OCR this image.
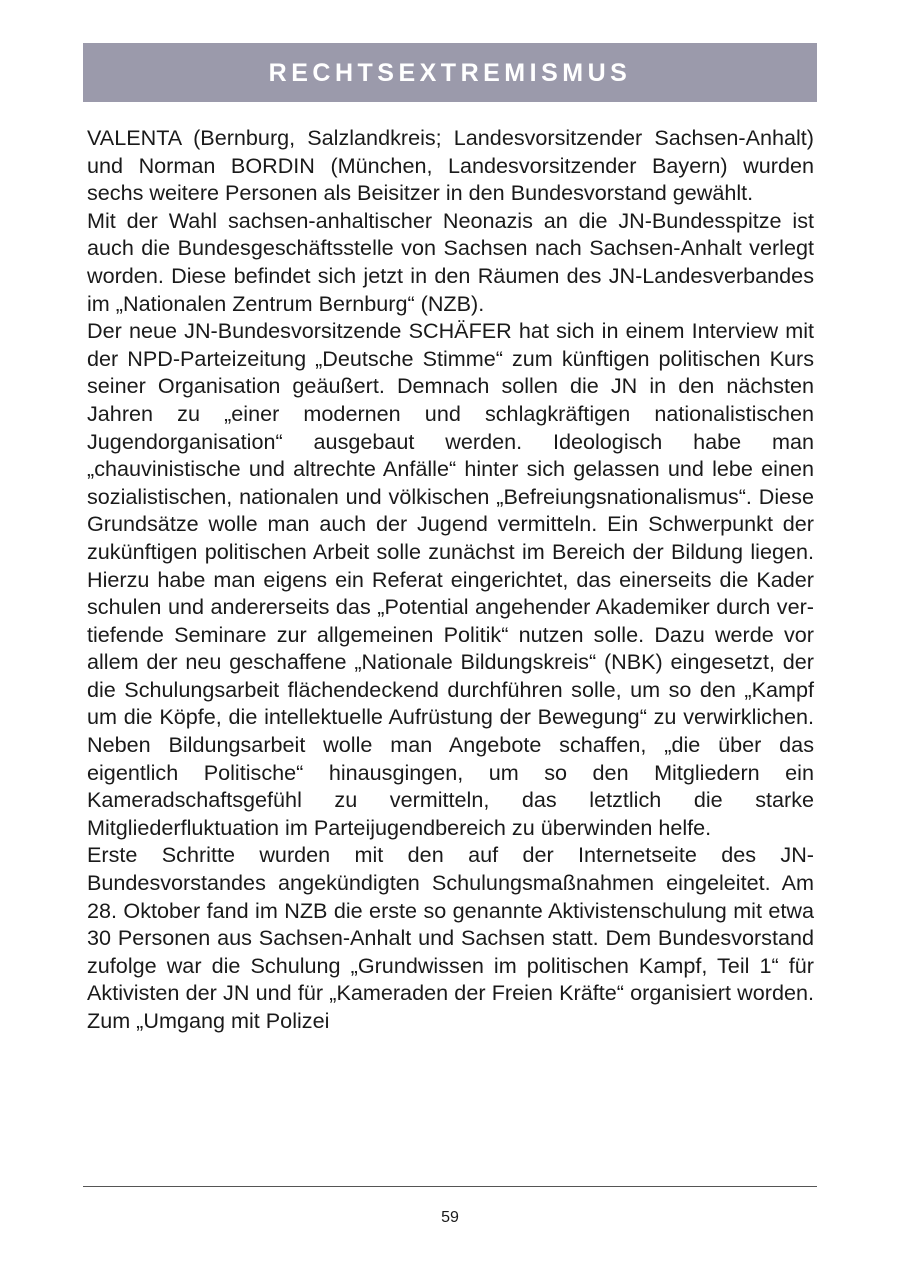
RECHTSEXTREMISMUS

VALENTA (Bernburg, Salzlandkreis; Landesvorsitzender Sachsen-Anhalt) und Norman BORDIN (München, Landesvorsitzender Bayern) wurden sechs weitere Personen als Beisitzer in den Bundesvorstand gewählt.

Mit der Wahl sachsen-anhaltischer Neonazis an die JN-Bundesspitze ist auch die Bundesgeschäftsstelle von Sachsen nach Sachsen-Anhalt verlegt worden. Diese befindet sich jetzt in den Räumen des JN-Landesverbandes im „Nationalen Zentrum Bernburg“ (NZB).

Der neue JN-Bundesvorsitzende SCHÄFER hat sich in einem Interview mit der NPD-Parteizeitung „Deutsche Stimme“ zum künftigen politischen Kurs seiner Organisation geäußert. Demnach sollen die JN in den nächsten Jahren zu „einer modernen und schlagkräftigen nationalistischen Jugendorganisation“ ausgebaut werden. Ideologisch habe man „chauvinistische und altrechte Anfälle“ hinter sich gelassen und lebe einen sozialistischen, nationalen und völkischen „Befreiungsnationalismus“. Diese Grundsätze wolle man auch der Jugend vermitteln. Ein Schwerpunkt der zukünftigen politischen Arbeit solle zunächst im Bereich der Bildung liegen. Hierzu habe man eigens ein Referat eingerichtet, das einerseits die Kader schulen und andererseits das „Potential angehender Akademiker durch vertiefende Seminare zur allgemeinen Politik“ nutzen solle. Dazu werde vor allem der neu geschaffene „Nationale Bildungskreis“ (NBK) eingesetzt, der die Schulungsarbeit flächendeckend durchführen solle, um so den „Kampf um die Köpfe, die intellektuelle Aufrüstung der Bewegung“ zu verwirklichen. Neben Bildungsarbeit wolle man Angebote schaffen, „die über das eigentlich Politische“ hinausgingen, um so den Mitgliedern ein Kameradschaftsgefühl zu vermitteln, das letztlich die starke Mitgliederfluktuation im Parteijugendbereich zu überwinden helfe.

Erste Schritte wurden mit den auf der Internetseite des JN-Bundesvorstandes angekündigten Schulungsmaßnahmen eingeleitet. Am 28. Oktober fand im NZB die erste so genannte Aktivistenschulung mit etwa 30 Personen aus Sachsen-Anhalt und Sachsen statt. Dem Bundesvorstand zufolge war die Schulung „Grundwissen im politischen Kampf, Teil 1“ für Aktivisten der JN und für „Kameraden der Freien Kräfte“ organisiert worden. Zum „Umgang mit Polizei

59
